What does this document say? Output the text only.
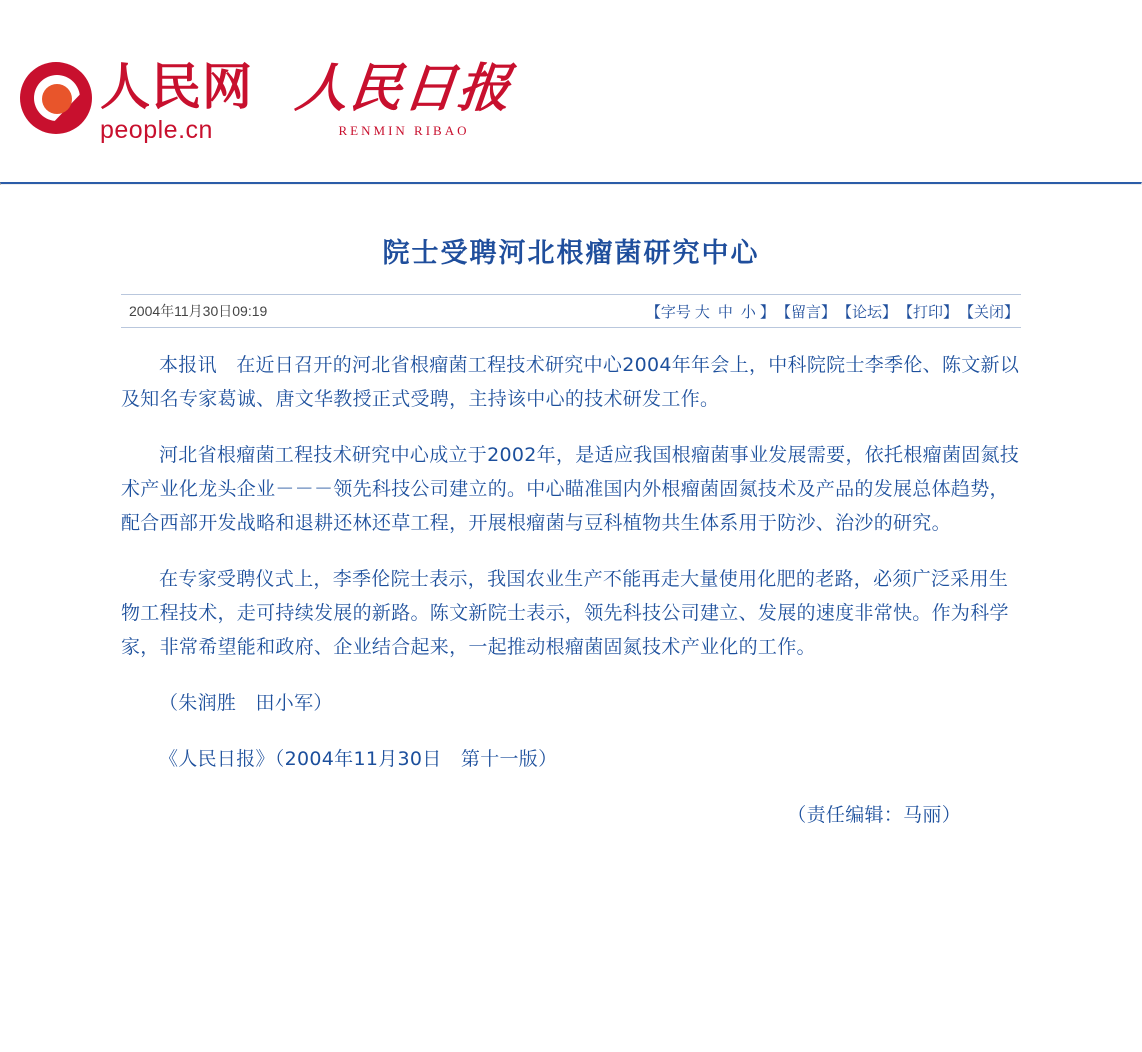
人民网
people.cn
人民日报
RENMIN RIBAO
院士受聘河北根瘤菌研究中心
2004年11月30日09:19	【字号 大 中 小 】 【留言】 【论坛】 【打印】 【关闭】

本报讯　在近日召开的河北省根瘤菌工程技术研究中心2004年年会上，中科院院士李季伦、陈文新以及知名专家葛诚、唐文华教授正式受聘，主持该中心的技术研发工作。

河北省根瘤菌工程技术研究中心成立于2002年，是适应我国根瘤菌事业发展需要，依托根瘤菌固氮技术产业化龙头企业－－－领先科技公司建立的。中心瞄准国内外根瘤菌固氮技术及产品的发展总体趋势，配合西部开发战略和退耕还林还草工程，开展根瘤菌与豆科植物共生体系用于防沙、治沙的研究。

在专家受聘仪式上，李季伦院士表示，我国农业生产不能再走大量使用化肥的老路，必须广泛采用生物工程技术，走可持续发展的新路。陈文新院士表示，领先科技公司建立、发展的速度非常快。作为科学家，非常希望能和政府、企业结合起来，一起推动根瘤菌固氮技术产业化的工作。

（朱润胜　田小军）

《人民日报》（2004年11月30日　第十一版）

（责任编辑：马丽）
